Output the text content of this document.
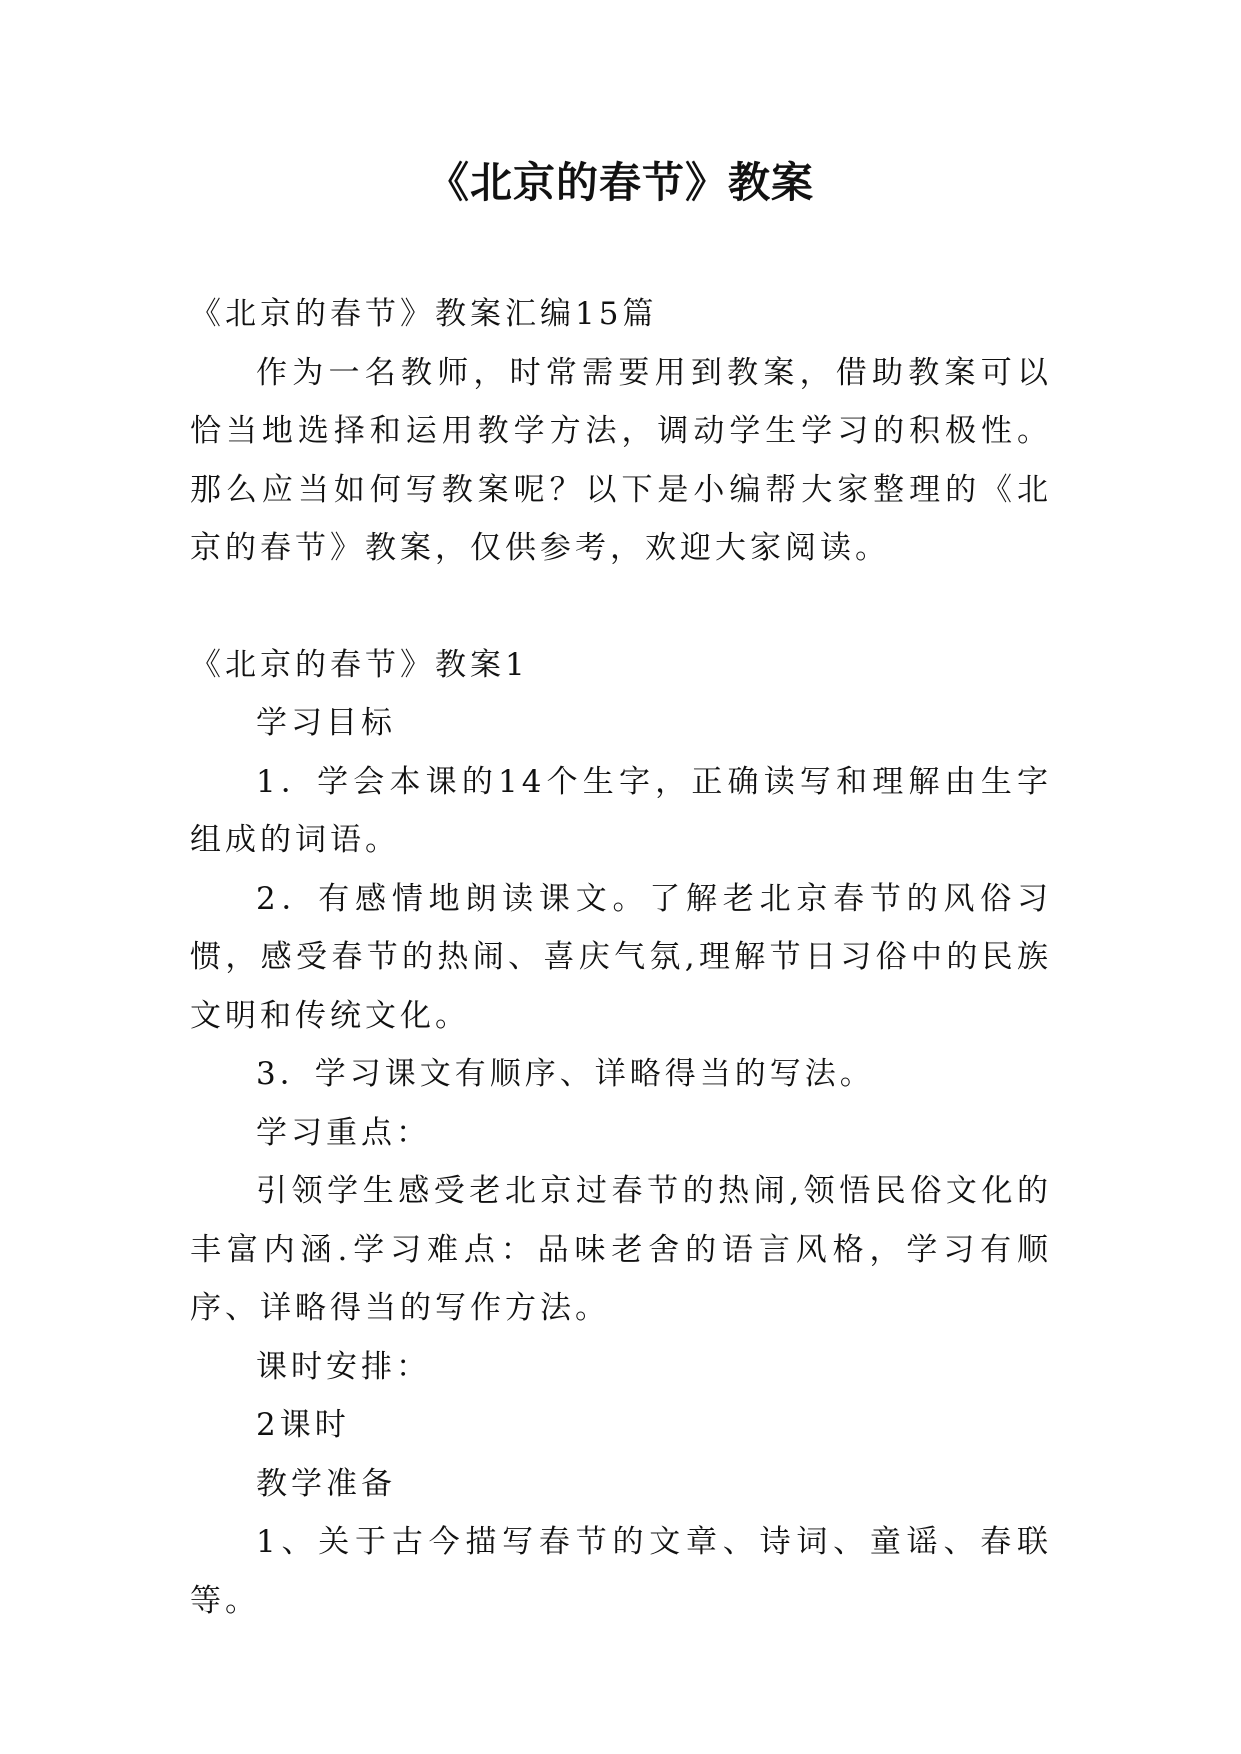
《北京的春节》教案

《北京的春节》教案汇编15篇

作为一名教师，时常需要用到教案，借助教案可以恰当地选择和运用教学方法，调动学生学习的积极性。那么应当如何写教案呢？以下是小编帮大家整理的《北京的春节》教案，仅供参考，欢迎大家阅读。

《北京的春节》教案1

学习目标

1．学会本课的14个生字，正确读写和理解由生字组成的词语。

2．有感情地朗读课文。了解老北京春节的风俗习惯，感受春节的热闹、喜庆气氛,理解节日习俗中的民族文明和传统文化。

3．学习课文有顺序、详略得当的写法。

学习重点：

引领学生感受老北京过春节的热闹,领悟民俗文化的丰富内涵.学习难点：品味老舍的语言风格，学习有顺序、详略得当的写作方法。

课时安排：

2课时

教学准备

1、关于古今描写春节的文章、诗词、童谣、春联等。
